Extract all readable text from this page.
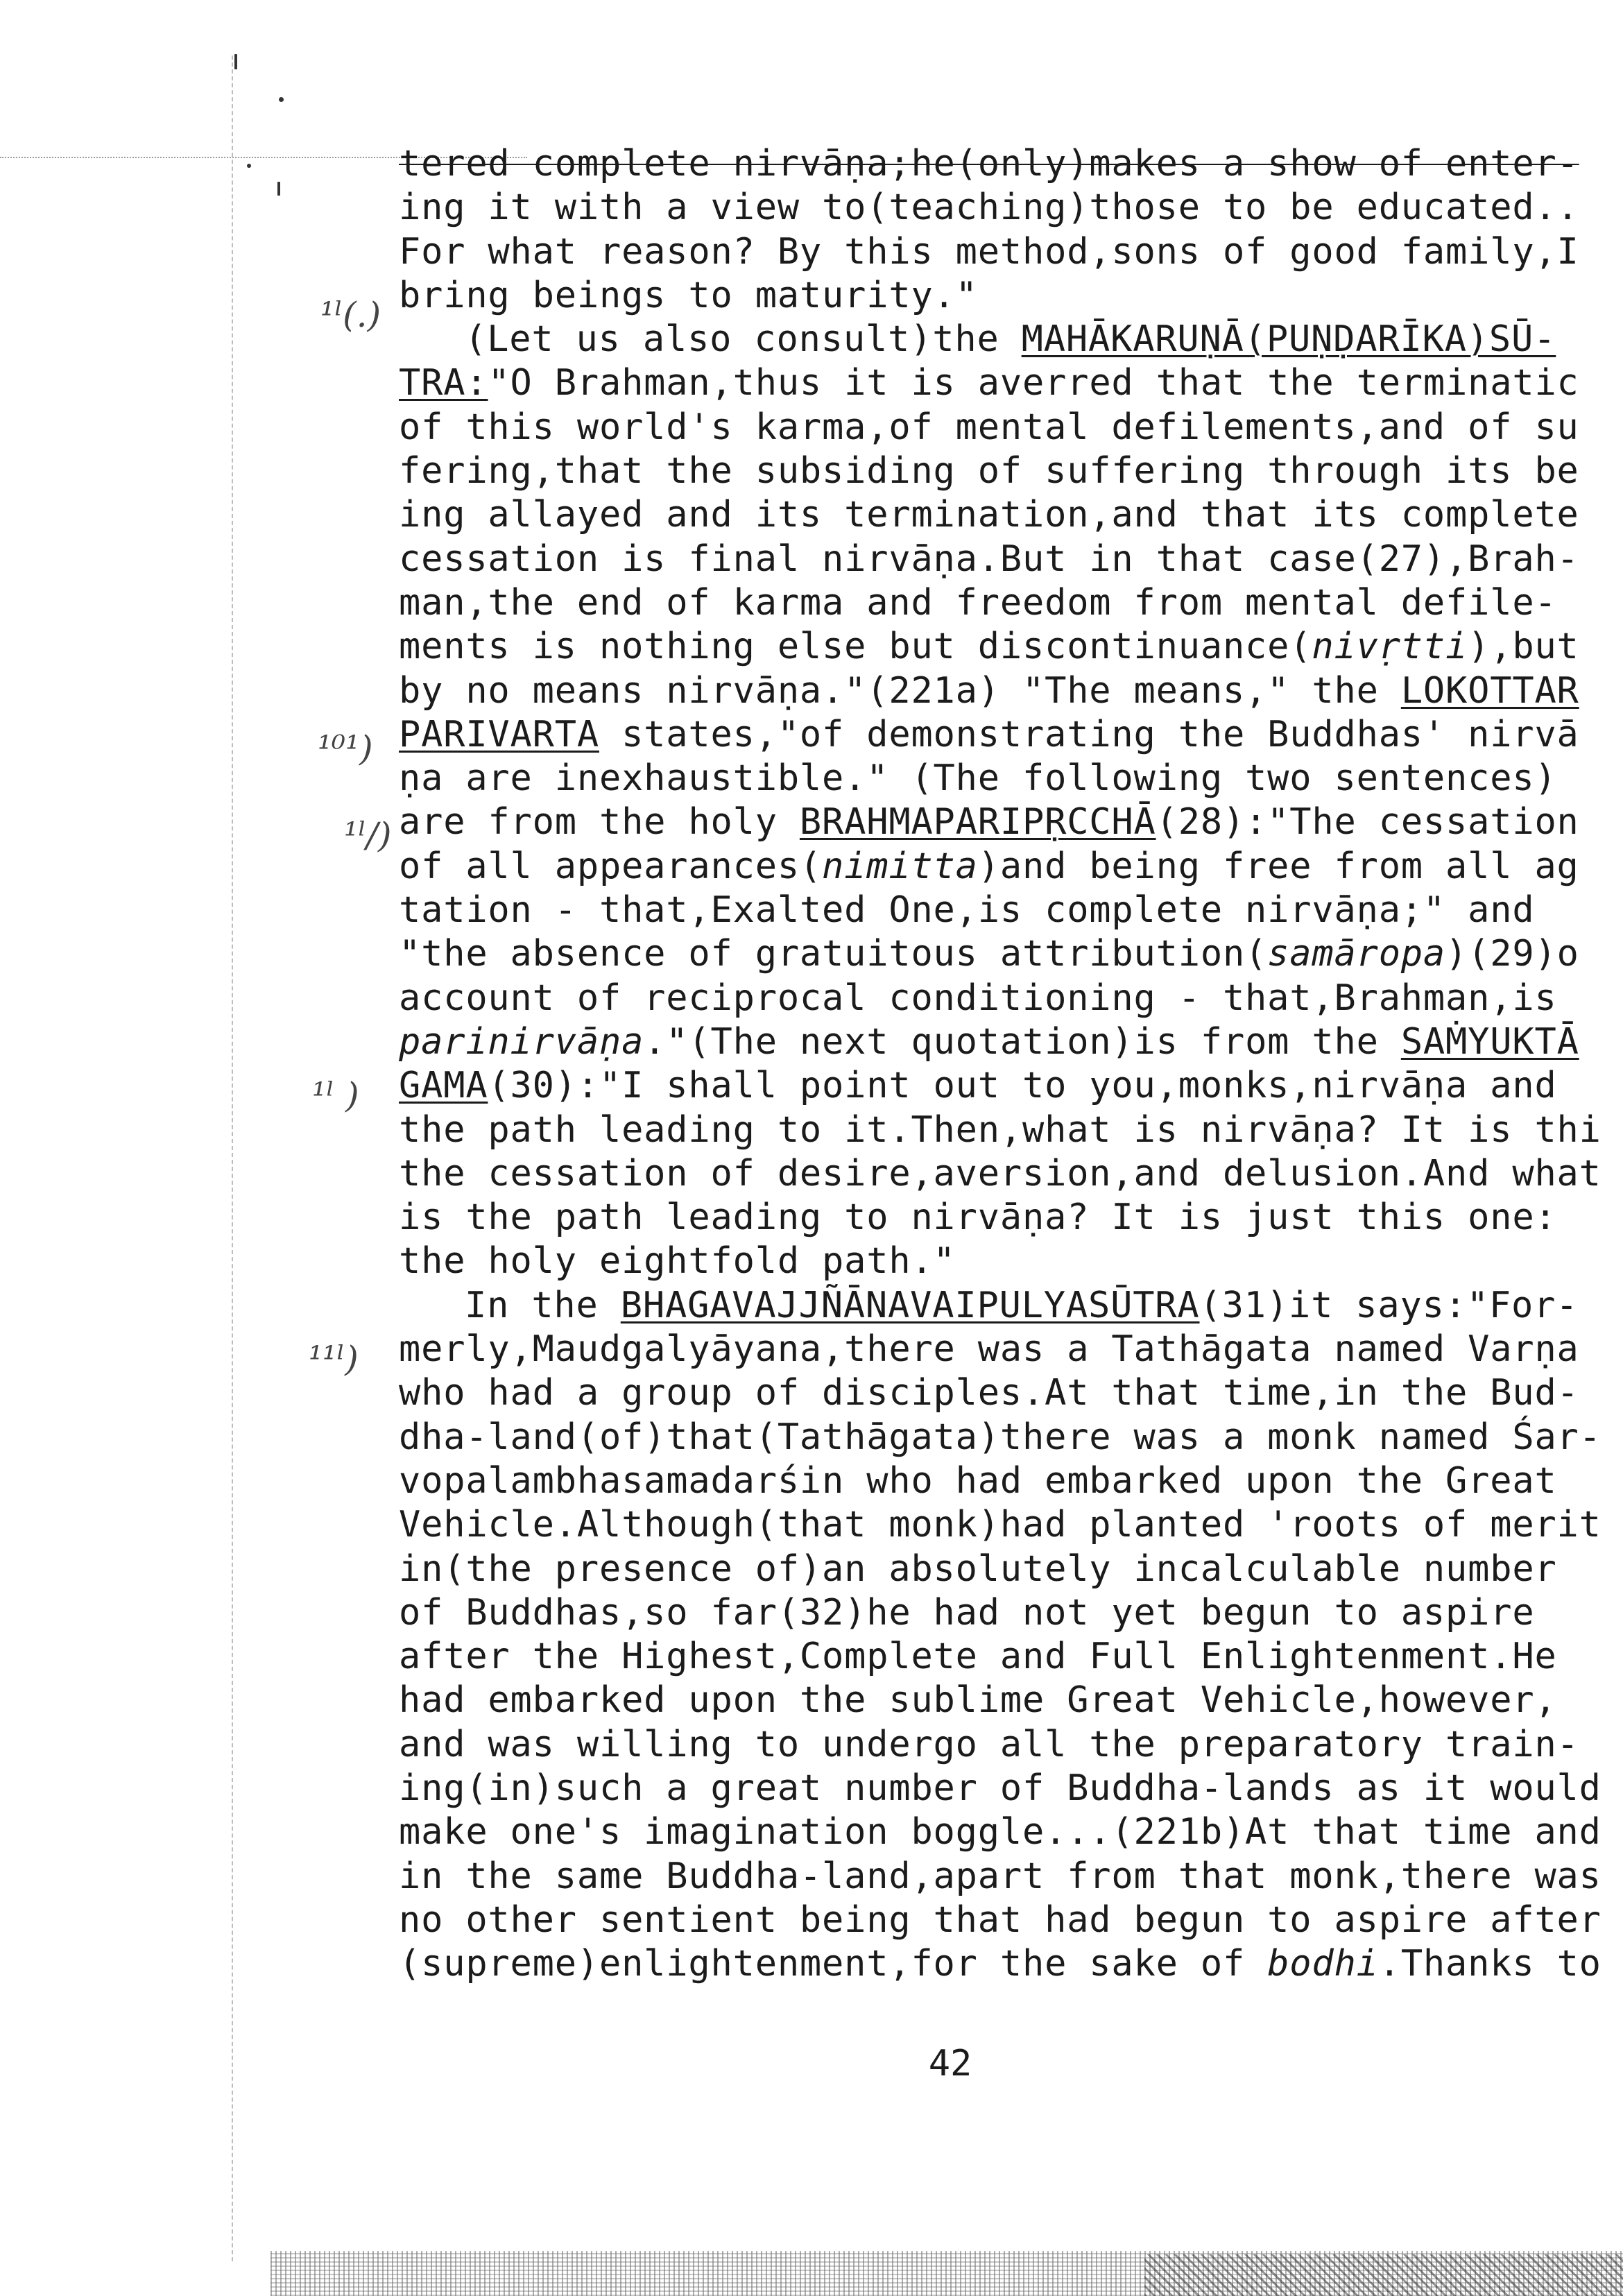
¹ˡ(.)
¹⁰¹)
¹ˡ/)
¹ˡ )
¹¹ˡ)
tered complete nirvāṇa;he(only)makes a show of enter-
ing it with a view to(teaching)those to be educated..
For what reason? By this method,sons of good family,I
bring beings to maturity."
(Let us also consult)the MAHĀKARUṆĀ(PUṆḌARĪKA)SŪ-
TRA:"O Brahman,thus it is averred that the terminatic
of this world's karma,of mental defilements,and of su
fering,that the subsiding of suffering through its be
ing allayed and its termination,and that its complete
cessation is final nirvāṇa.But in that case(27),Brah-
man,the end of karma and freedom from mental defile-
ments is nothing else but discontinuance(nivṛtti),but
by no means nirvāṇa."(221a) "The means," the LOKOTTAR
PARIVARTA states,"of demonstrating the Buddhas' nirvā
ṇa are inexhaustible." (The following two sentences)
are from the holy BRAHMAPARIPṚCCHĀ(28):"The cessation
of all appearances(nimitta)and being free from all ag
tation - that,Exalted One,is complete nirvāṇa;" and
"the absence of gratuitous attribution(samāropa)(29)o
account of reciprocal conditioning - that,Brahman,is
parinirvāṇa."(The next quotation)is from the SAṀYUKTĀ
GAMA(30):"I shall point out to you,monks,nirvāṇa and
the path leading to it.Then,what is nirvāṇa? It is thi
the cessation of desire,aversion,and delusion.And what
is the path leading to nirvāṇa? It is just this one:
the holy eightfold path."
In the BHAGAVAJJÑĀNAVAIPULYASŪTRA(31)it says:"For-
merly,Maudgalyāyana,there was a Tathāgata named Varṇa
who had a group of disciples.At that time,in the Bud-
dha-land(of)that(Tathāgata)there was a monk named Śar-
vopalambhasamadarśin who had embarked upon the Great
Vehicle.Although(that monk)had planted 'roots of merit
in(the presence of)an absolutely incalculable number
of Buddhas,so far(32)he had not yet begun to aspire
after the Highest,Complete and Full Enlightenment.He
had embarked upon the sublime Great Vehicle,however,
and was willing to undergo all the preparatory train-
ing(in)such a great number of Buddha-lands as it would
make one's imagination boggle...(221b)At that time and
in the same Buddha-land,apart from that monk,there was
no other sentient being that had begun to aspire after
(supreme)enlightenment,for the sake of bodhi.Thanks to
42
